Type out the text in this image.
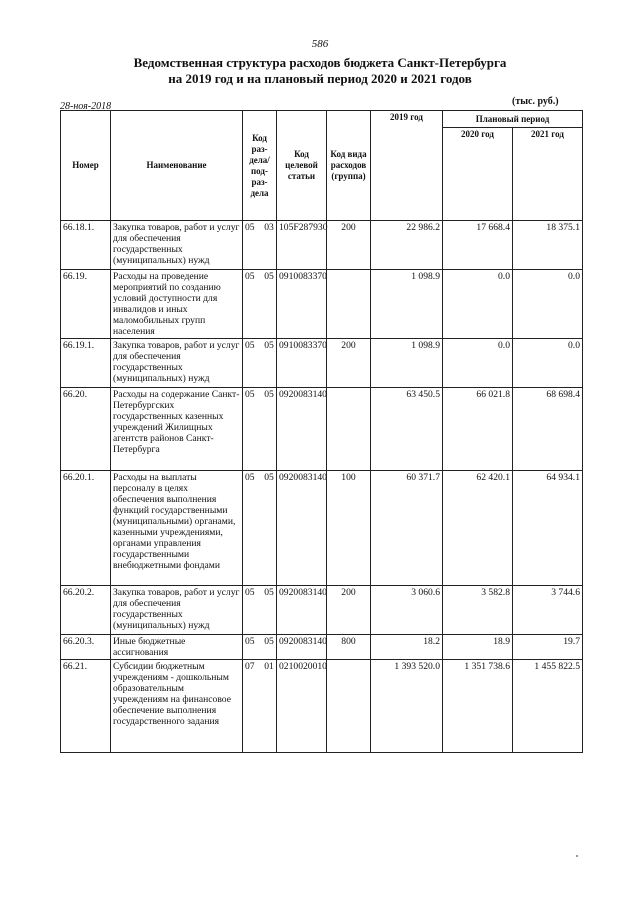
586
Ведомственная структура расходов бюджета Санкт-Петербурга
на 2019 год и на плановый период 2020 и 2021 годов
28-ноя-2018	(тыс. руб.)
Номер	Наименование	Код раз-дела/ под-раз-дела	Код целевой статьи	Код вида расходов (группа)	2019 год	Плановый период	
						2020 год	2021 год
66.18.1.	Закупка товаров, работ и услуг для обеспечения государственных (муниципальных) нужд	05 03	105F287930	200	22 986.2	17 668.4	18 375.1
66.19.	Расходы на проведение мероприятий по созданию условий доступности для инвалидов и иных маломобильных групп населения	05 05	0910083370		1 098.9	0.0	0.0
66.19.1.	Закупка товаров, работ и услуг для обеспечения государственных (муниципальных) нужд	05 05	0910083370	200	1 098.9	0.0	0.0
66.20.	Расходы на содержание Санкт-Петербургских государственных казенных учреждений Жилищных агентств районов Санкт-Петербурга	05 05	0920083140		63 450.5	66 021.8	68 698.4
66.20.1.	Расходы на выплаты персоналу в целях обеспечения выполнения функций государственными (муниципальными) органами, казенными учреждениями, органами управления государственными внебюджетными фондами	05 05	0920083140	100	60 371.7	62 420.1	64 934.1
66.20.2.	Закупка товаров, работ и услуг для обеспечения государственных (муниципальных) нужд	05 05	0920083140	200	3 060.6	3 582.8	3 744.6
66.20.3.	Иные бюджетные ассигнования	05 05	0920083140	800	18.2	18.9	19.7
66.21.	Субсидии бюджетным учреждениям - дошкольным образовательным учреждениям на финансовое обеспечение выполнения государственного задания	07 01	0210020010		1 393 520.0	1 351 738.6	1 455 822.5
